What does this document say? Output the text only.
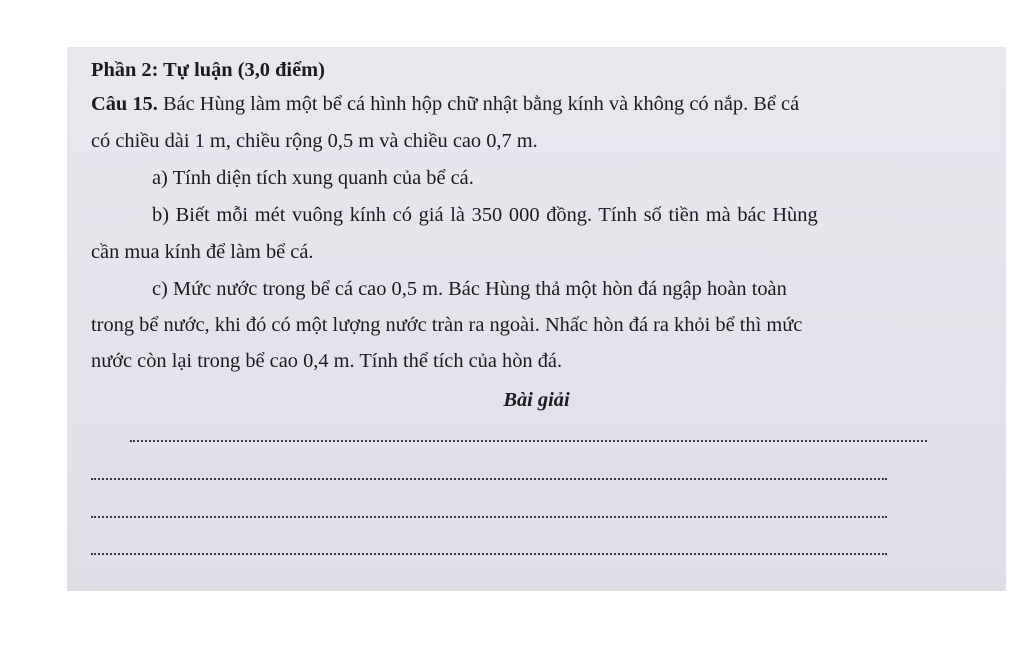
Phần 2: Tự luận (3,0 điểm)
Câu 15. Bác Hùng làm một bể cá hình hộp chữ nhật bằng kính và không có nắp. Bể cá
có chiều dài 1 m, chiều rộng 0,5 m và chiều cao 0,7 m.
a) Tính diện tích xung quanh của bể cá.
b) Biết mỗi mét vuông kính có giá là 350 000 đồng. Tính số tiền mà bác Hùng
cần mua kính để làm bể cá.
c) Mức nước trong bể cá cao 0,5 m. Bác Hùng thả một hòn đá ngập hoàn toàn
trong bể nước, khi đó có một lượng nước tràn ra ngoài. Nhấc hòn đá ra khỏi bể thì mức
nước còn lại trong bể cao 0,4 m. Tính thể tích của hòn đá.
Bài giải
